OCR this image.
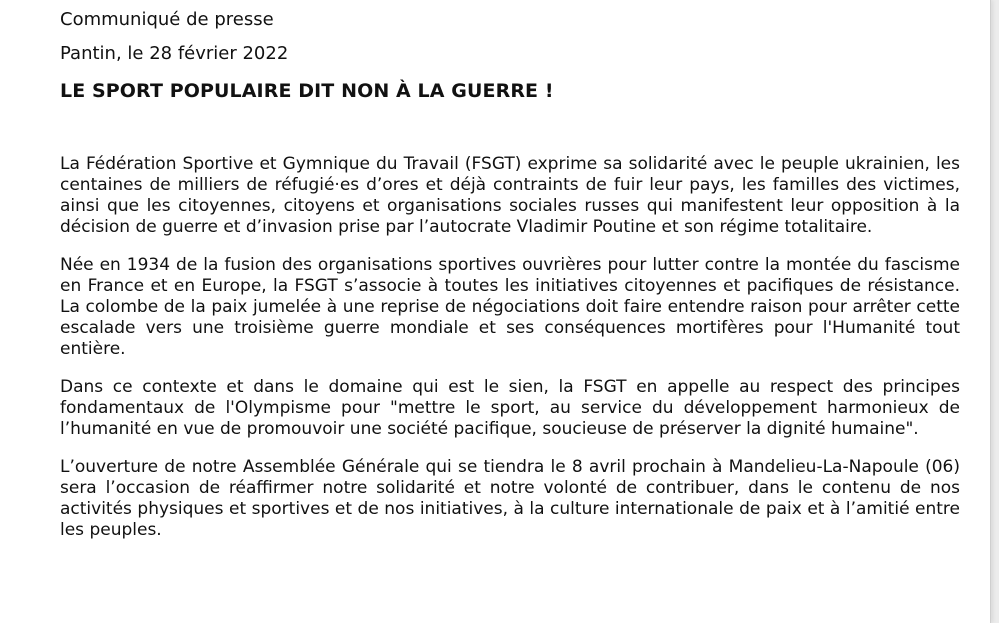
Communiqué de presse
Pantin, le 28 février 2022
LE SPORT POPULAIRE DIT NON À LA GUERRE !

La Fédération Sportive et Gymnique du Travail (FSGT) exprime sa solidarité avec le peuple ukrainien, les centaines de milliers de réfugié·es d’ores et déjà contraints de fuir leur pays, les familles des victimes, ainsi que les citoyennes, citoyens et organisations sociales russes qui manifestent leur opposition à la décision de guerre et d’invasion prise par l’autocrate Vladimir Poutine et son régime totalitaire.

Née en 1934 de la fusion des organisations sportives ouvrières pour lutter contre la montée du fascisme en France et en Europe, la FSGT s’associe à toutes les initiatives citoyennes et pacifiques de résistance. La colombe de la paix jumelée à une reprise de négociations doit faire entendre raison pour arrêter cette escalade vers une troisième guerre mondiale et ses conséquences mortifères pour l'Humanité tout entière.

Dans ce contexte et dans le domaine qui est le sien, la FSGT en appelle au respect des principes fondamentaux de l'Olympisme pour "mettre le sport, au service du développement harmonieux de l’humanité en vue de promouvoir une société pacifique, soucieuse de préserver la dignité humaine".

L’ouverture de notre Assemblée Générale qui se tiendra le 8 avril prochain à Mandelieu-La-Napoule (06) sera l’occasion de réaffirmer notre solidarité et notre volonté de contribuer, dans le contenu de nos activités physiques et sportives et de nos initiatives, à la culture internationale de paix et à l’amitié entre les peuples.
